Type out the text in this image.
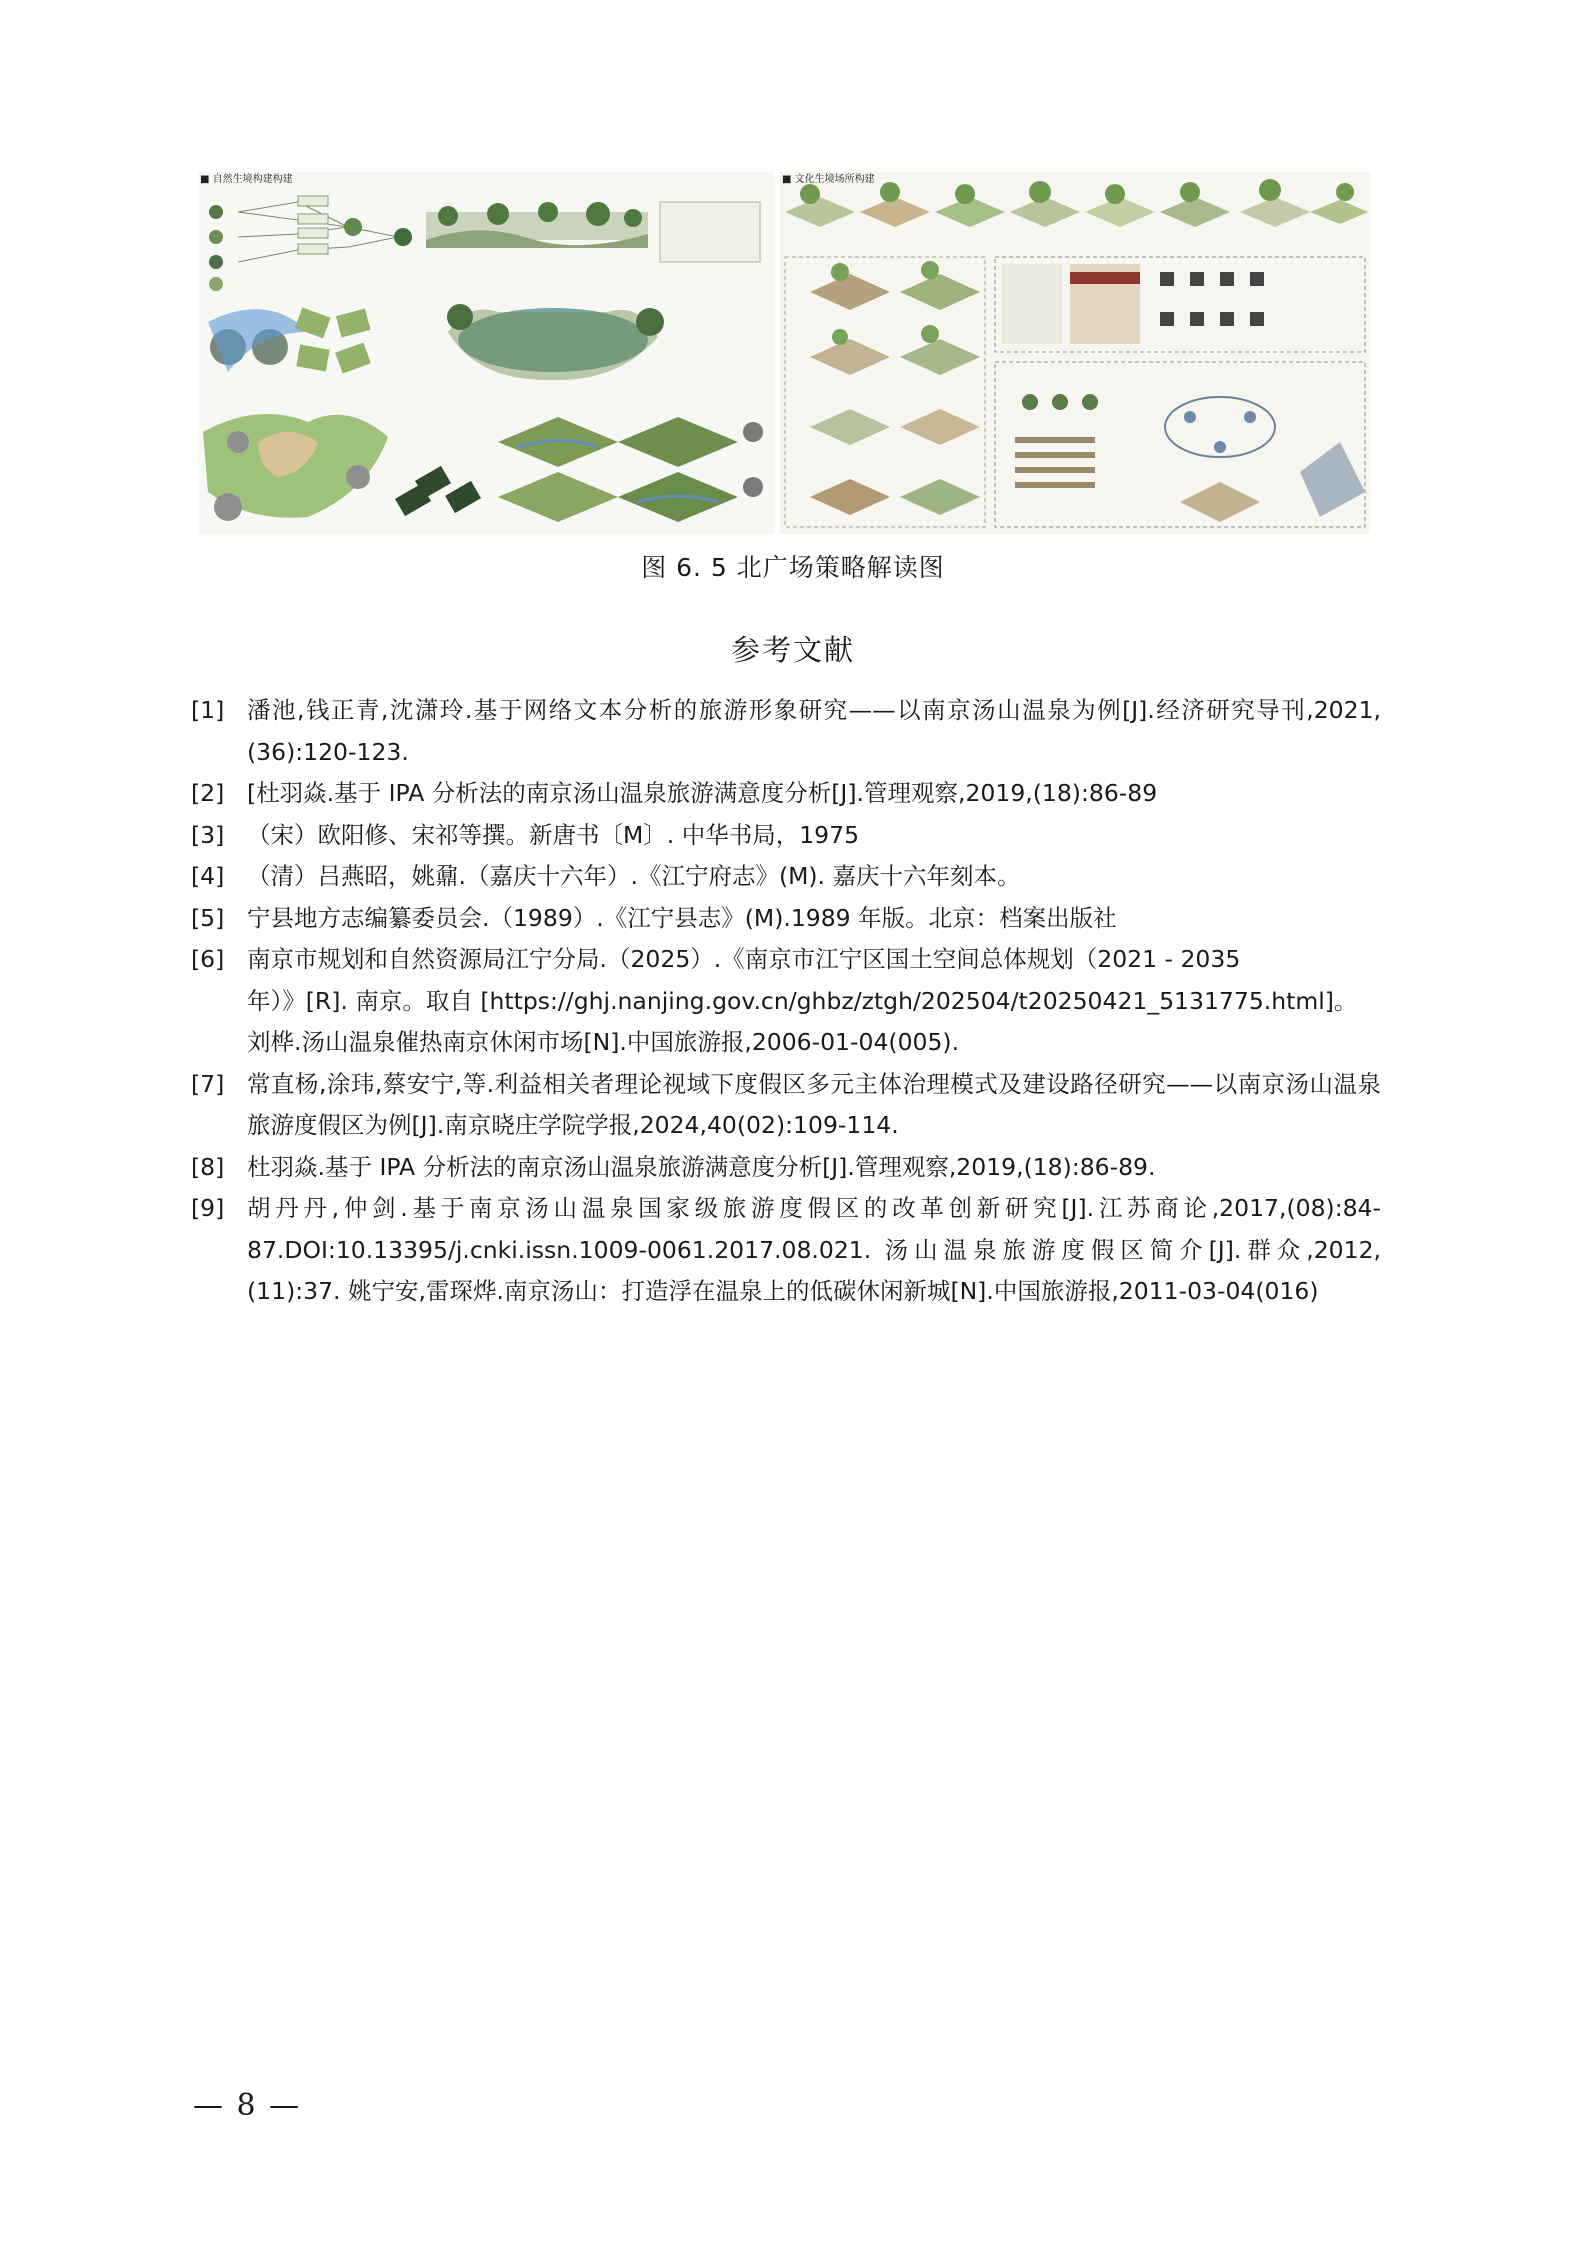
■ 自然生境构建构建	■ 文化生境场所构建
图 6. 5 北广场策略解读图
参考文献
[1] 潘池,钱正青,沈潇玲.基于网络文本分析的旅游形象研究——以南京汤山温泉为例[J].经济研究导刊,2021,(36):120-123.
[2] [杜羽焱.基于 IPA 分析法的南京汤山温泉旅游满意度分析[J].管理观察,2019,(18):86-89
[3] （宋）欧阳修、宋祁等撰。新唐书〔M〕. 中华书局，1975
[4] （清）吕燕昭，姚鼐.（嘉庆十六年）.《江宁府志》(M). 嘉庆十六年刻本。
[5] 宁县地方志编纂委员会.（1989）.《江宁县志》(M).1989 年版。北京：档案出版社
[6] 南京市规划和自然资源局江宁分局.（2025）.《南京市江宁区国土空间总体规划（2021 - 2035
年）》[R]. 南京。取自 [https://ghj.nanjing.gov.cn/ghbz/ztgh/202504/t20250421_5131775.html]。
刘桦.汤山温泉催热南京休闲市场[N].中国旅游报,2006-01-04(005).
[7] 常直杨,涂玮,蔡安宁,等.利益相关者理论视域下度假区多元主体治理模式及建设路径研究——以南京汤山温泉旅游度假区为例[J].南京晓庄学院学报,2024,40(02):109-114.
[8] 杜羽焱.基于 IPA 分析法的南京汤山温泉旅游满意度分析[J].管理观察,2019,(18):86-89.
[9] 胡丹丹,仲剑.基于南京汤山温泉国家级旅游度假区的改革创新研究[J].江苏商论,2017,(08):84-87.DOI:10.13395/j.cnki.issn.1009-0061.2017.08.021. 汤山温泉旅游度假区简介[J].群众,2012,(11):37. 姚宁安,雷琛烨.南京汤山：打造浮在温泉上的低碳休闲新城[N].中国旅游报,2011-03-04(016)
— 8 —
